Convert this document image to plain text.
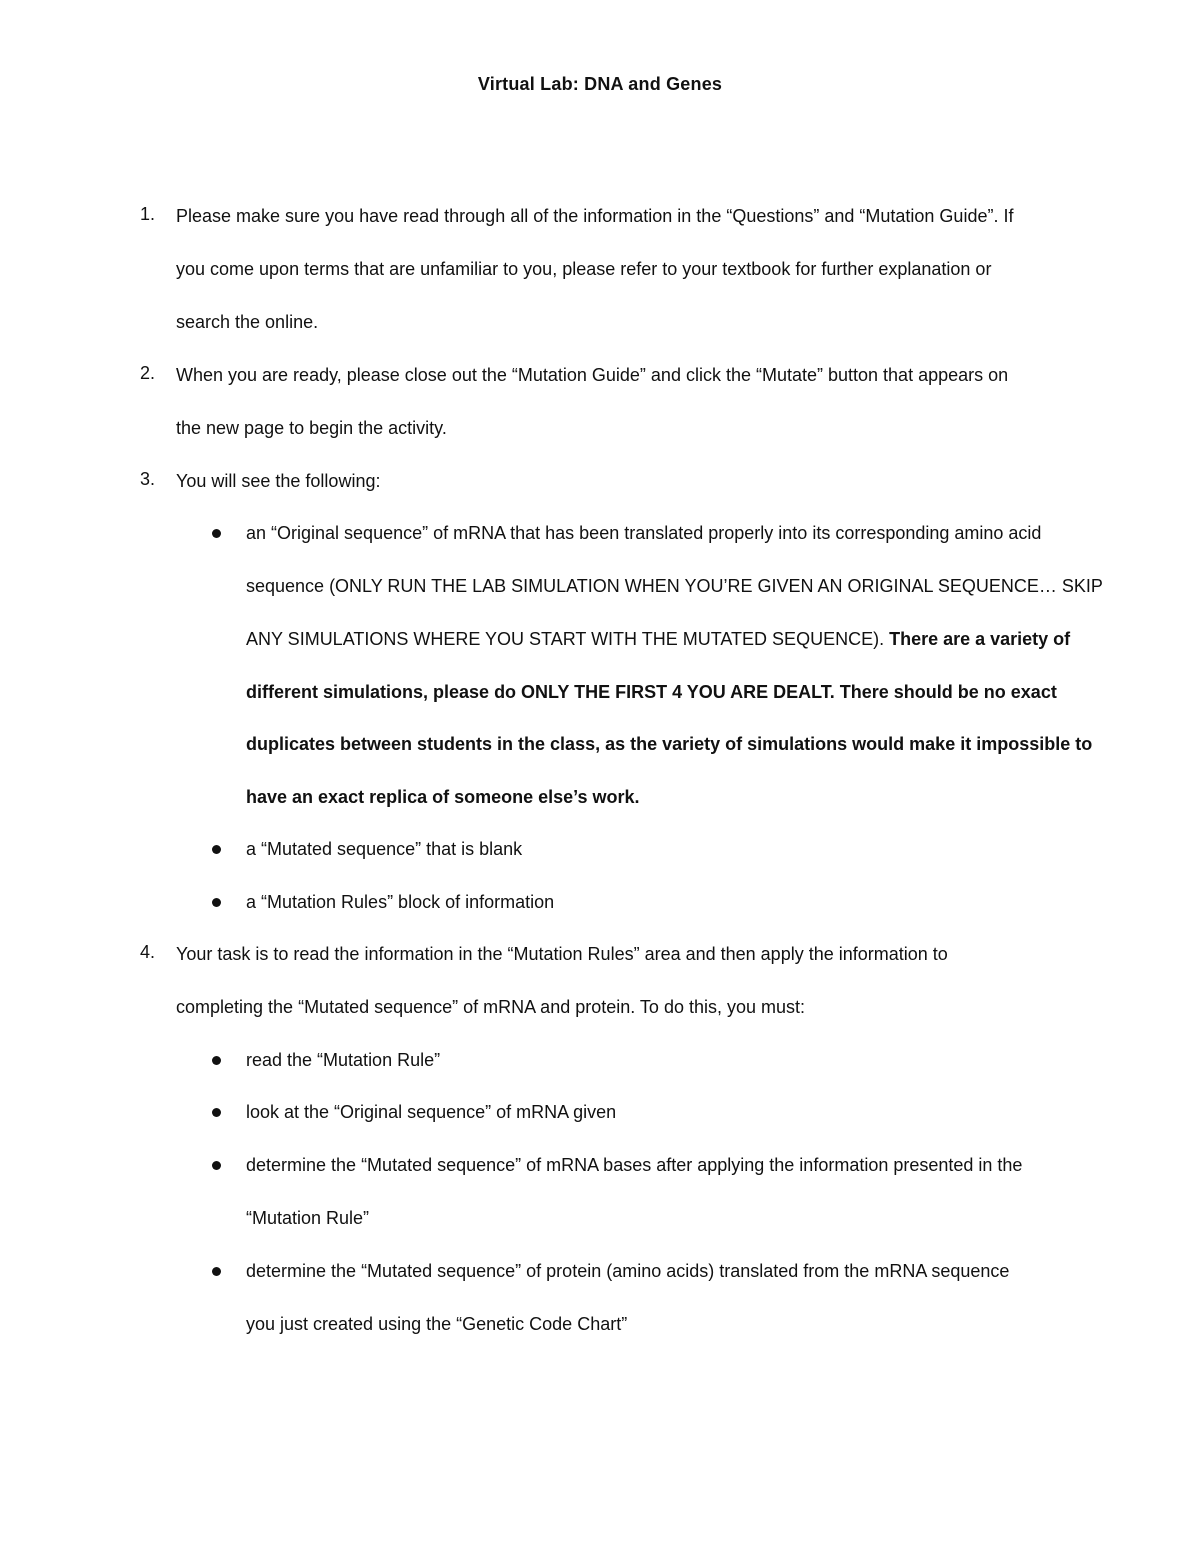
Virtual Lab: DNA and Genes
1.	Please make sure you have read through all of the information in the “Questions” and “Mutation Guide”. If
you come upon terms that are unfamiliar to you, please refer to your textbook for further explanation or
search the online.
2.	When you are ready, please close out the “Mutation Guide” and click the “Mutate” button that appears on
the new page to begin the activity.
3.	You will see the following:
an “Original sequence” of mRNA that has been translated properly into its corresponding amino acid
sequence (ONLY RUN THE LAB SIMULATION WHEN YOU’RE GIVEN AN ORIGINAL SEQUENCE… SKIP
ANY SIMULATIONS WHERE YOU START WITH THE MUTATED SEQUENCE). There are a variety of
different simulations, please do ONLY THE FIRST 4 YOU ARE DEALT. There should be no exact
duplicates between students in the class, as the variety of simulations would make it impossible to
have an exact replica of someone else’s work.
a “Mutated sequence” that is blank
a “Mutation Rules” block of information
4.	Your task is to read the information in the “Mutation Rules” area and then apply the information to
completing the “Mutated sequence” of mRNA and protein. To do this, you must:
read the “Mutation Rule”
look at the “Original sequence” of mRNA given
determine the “Mutated sequence” of mRNA bases after applying the information presented in the
“Mutation Rule”
determine the “Mutated sequence” of protein (amino acids) translated from the mRNA sequence
you just created using the “Genetic Code Chart”
